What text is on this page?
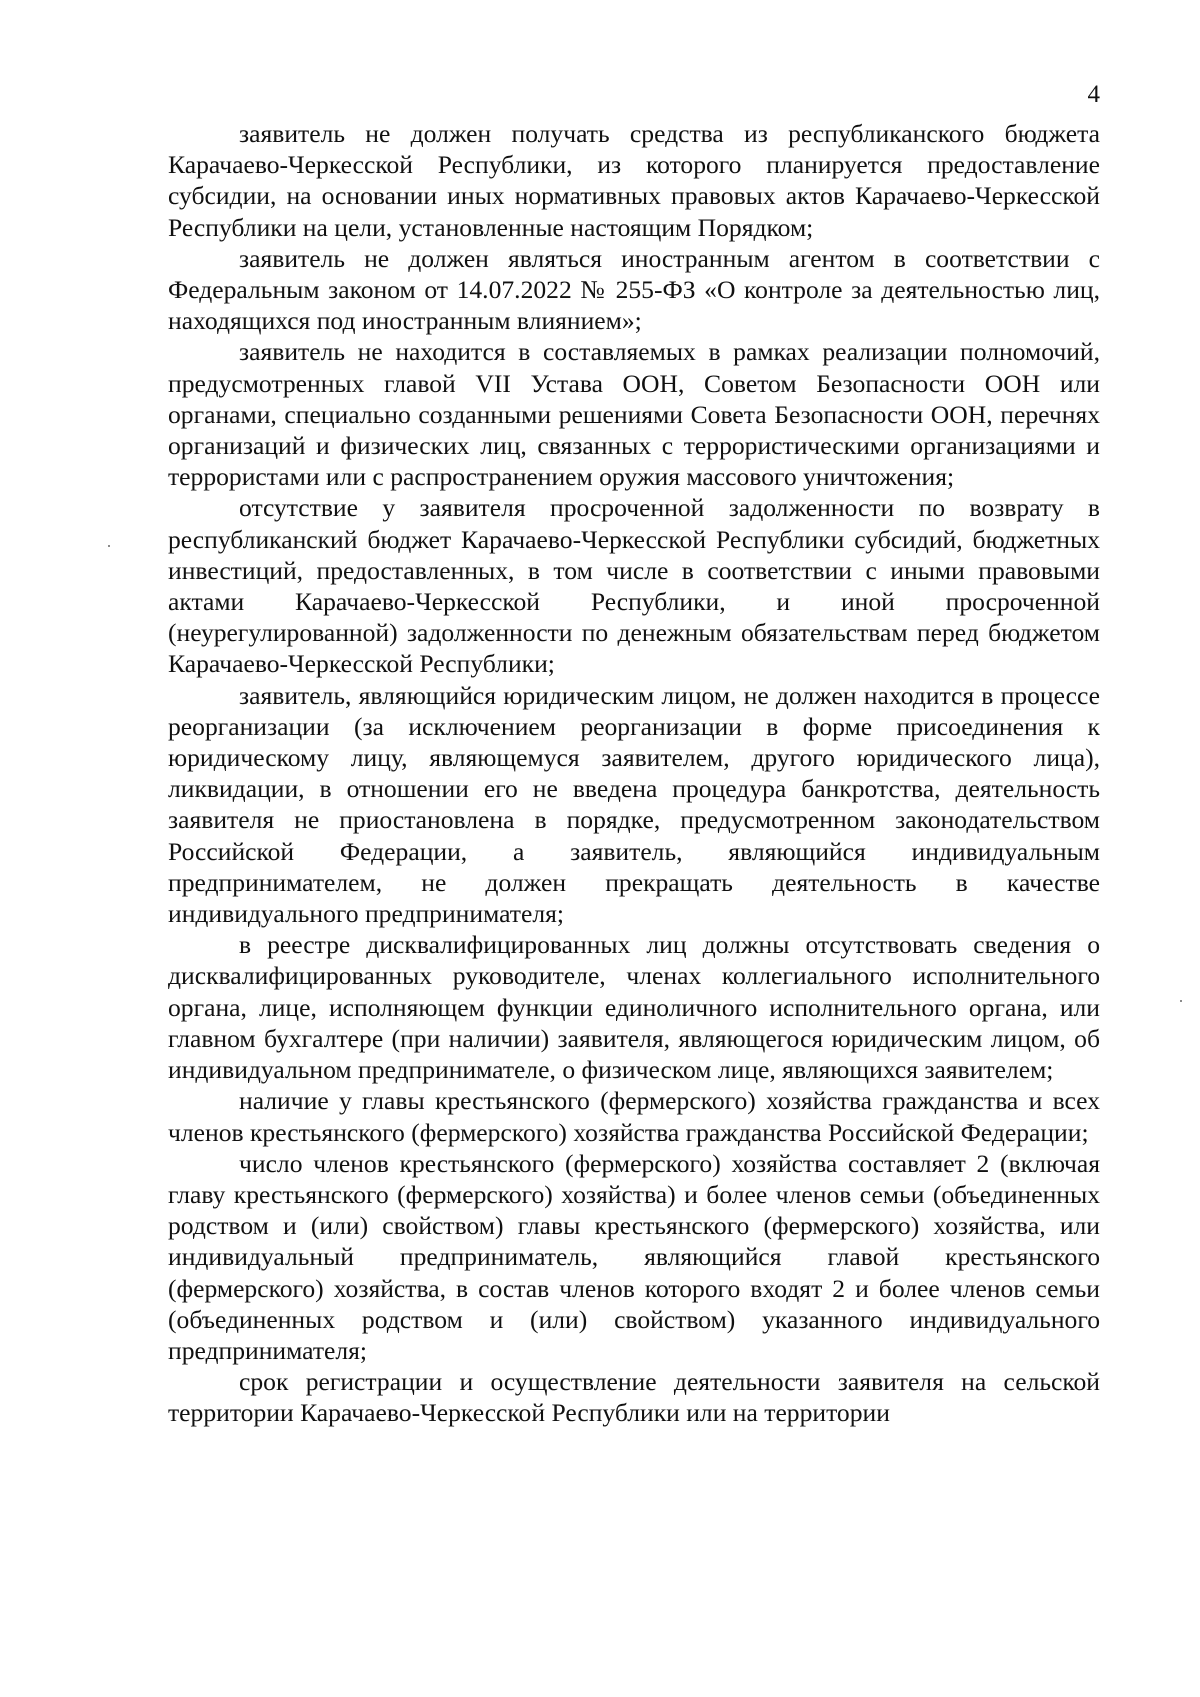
4

заявитель не должен получать средства из республиканского бюджета Карачаево-Черкесской Республики, из которого планируется предоставление субсидии, на основании иных нормативных правовых актов Карачаево-Черкесской Республики на цели, установленные настоящим Порядком;

заявитель не должен являться иностранным агентом в соответствии с Федеральным законом от 14.07.2022 № 255-ФЗ «О контроле за деятельностью лиц, находящихся под иностранным влиянием»;

заявитель не находится в составляемых в рамках реализации полномочий, предусмотренных главой VII Устава ООН, Советом Безопасности ООН или органами, специально созданными решениями Совета Безопасности ООН, перечнях организаций и физических лиц, связанных с террористическими организациями и террористами или с распространением оружия массового уничтожения;

отсутствие у заявителя просроченной задолженности по возврату в республиканский бюджет Карачаево-Черкесской Республики субсидий, бюджетных инвестиций, предоставленных, в том числе в соответствии с иными правовыми актами Карачаево-Черкесской Республики, и иной просроченной (неурегулированной) задолженности по денежным обязательствам перед бюджетом Карачаево-Черкесской Республики;

заявитель, являющийся юридическим лицом, не должен находится в процессе реорганизации (за исключением реорганизации в форме присоединения к юридическому лицу, являющемуся заявителем, другого юридического лица), ликвидации, в отношении его не введена процедура банкротства, деятельность заявителя не приостановлена в порядке, предусмотренном законодательством Российской Федерации, а заявитель, являющийся индивидуальным предпринимателем, не должен прекращать деятельность в качестве индивидуального предпринимателя;

в реестре дисквалифицированных лиц должны отсутствовать сведения о дисквалифицированных руководителе, членах коллегиального исполнительного органа, лице, исполняющем функции единоличного исполнительного органа, или главном бухгалтере (при наличии) заявителя, являющегося юридическим лицом, об индивидуальном предпринимателе, о физическом лице, являющихся заявителем;

наличие у главы крестьянского (фермерского) хозяйства гражданства и всех членов крестьянского (фермерского) хозяйства гражданства Российской Федерации;

число членов крестьянского (фермерского) хозяйства составляет 2 (включая главу крестьянского (фермерского) хозяйства) и более членов семьи (объединенных родством и (или) свойством) главы крестьянского (фермерского) хозяйства, или индивидуальный предприниматель, являющийся главой крестьянского (фермерского) хозяйства, в состав членов которого входят 2 и более членов семьи (объединенных родством и (или) свойством) указанного индивидуального предпринимателя;

срок регистрации и осуществление деятельности заявителя на сельской территории Карачаево-Черкесской Республики или на территории
